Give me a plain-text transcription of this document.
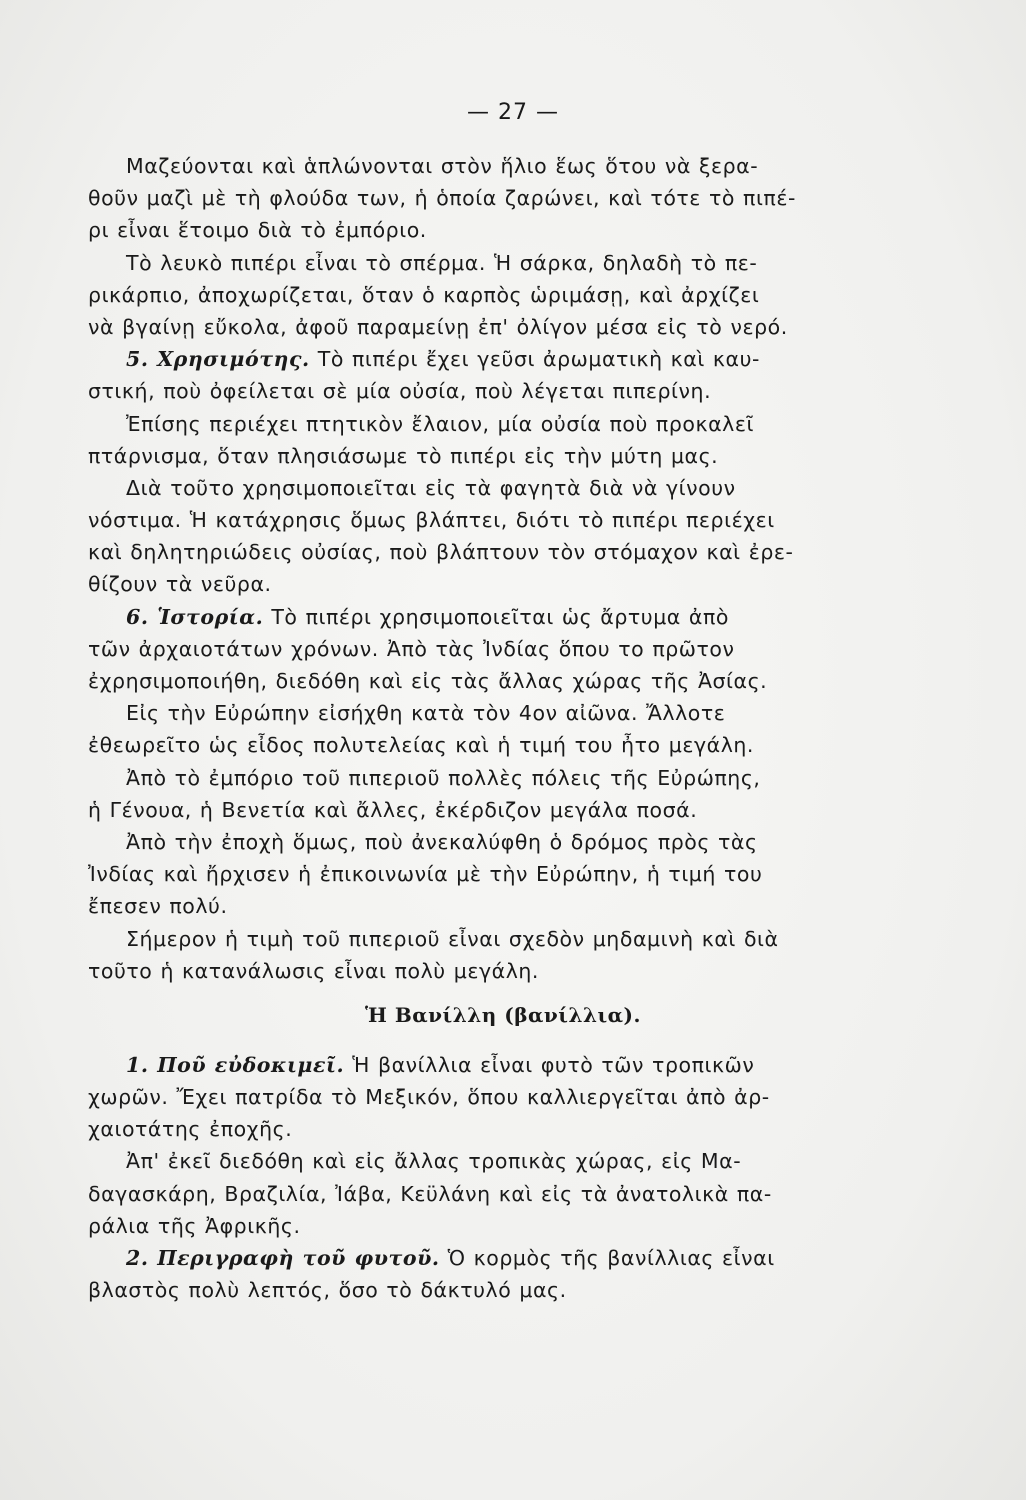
— 27 —
Μαζεύονται καὶ ἁπλώνονται στὸν ἥλιο ἕως ὅτου νὰ ξερα-
θοῦν μαζὶ μὲ τὴ φλούδα των, ἡ ὁποία ζαρώνει, καὶ τότε τὸ πιπέ-
ρι εἶναι ἕτοιμο διὰ τὸ ἐμπόριο.
Τὸ λευκὸ πιπέρι εἶναι τὸ σπέρμα. Ἡ σάρκα, δηλαδὴ τὸ πε-
ρικάρπιο, ἀποχωρίζεται, ὅταν ὁ καρπὸς ὡριμάσῃ, καὶ ἀρχίζει
νὰ βγαίνῃ εὔκολα, ἀφοῦ παραμείνῃ ἐπ' ὀλίγον μέσα εἰς τὸ νερό.
5. Χρησιμότης. Τὸ πιπέρι ἔχει γεῦσι ἀρωματικὴ καὶ καυ-
στική, ποὺ ὀφείλεται σὲ μία οὐσία, ποὺ λέγεται πιπερίνη.
Ἐπίσης περιέχει πτητικὸν ἔλαιον, μία οὐσία ποὺ προκαλεῖ
πτάρνισμα, ὅταν πλησιάσωμε τὸ πιπέρι εἰς τὴν μύτη μας.
Διὰ τοῦτο χρησιμοποιεῖται εἰς τὰ φαγητὰ διὰ νὰ γίνουν
νόστιμα. Ἡ κατάχρησις ὅμως βλάπτει, διότι τὸ πιπέρι περιέχει
καὶ δηλητηριώδεις οὐσίας, ποὺ βλάπτουν τὸν στόμαχον καὶ ἐρε-
θίζουν τὰ νεῦρα.
6. Ἱστορία. Τὸ πιπέρι χρησιμοποιεῖται ὡς ἄρτυμα ἀπὸ
τῶν ἀρχαιοτάτων χρόνων. Ἀπὸ τὰς Ἰνδίας ὅπου το πρῶτον
ἐχρησιμοποιήθη, διεδόθη καὶ εἰς τὰς ἄλλας χώρας τῆς Ἀσίας.
Εἰς τὴν Εὐρώπην εἰσήχθη κατὰ τὸν 4ον αἰῶνα. Ἄλλοτε
ἐθεωρεῖτο ὡς εἶδος πολυτελείας καὶ ἡ τιμή του ἦτο μεγάλη.
Ἀπὸ τὸ ἐμπόριο τοῦ πιπεριοῦ πολλὲς πόλεις τῆς Εὐρώπης,
ἡ Γένουα, ἡ Βενετία καὶ ἄλλες, ἐκέρδιζον μεγάλα ποσά.
Ἀπὸ τὴν ἐποχὴ ὅμως, ποὺ ἀνεκαλύφθη ὁ δρόμος πρὸς τὰς
Ἰνδίας καὶ ἤρχισεν ἡ ἐπικοινωνία μὲ τὴν Εὐρώπην, ἡ τιμή του
ἔπεσεν πολύ.
Σήμερον ἡ τιμὴ τοῦ πιπεριοῦ εἶναι σχεδὸν μηδαμινὴ καὶ διὰ
τοῦτο ἡ κατανάλωσις εἶναι πολὺ μεγάλη.
Ἡ Βανίλλη (βανίλλια).
1. Ποῦ εὐδοκιμεῖ. Ἡ βανίλλια εἶναι φυτὸ τῶν τροπικῶν
χωρῶν. Ἔχει πατρίδα τὸ Μεξικόν, ὅπου καλλιεργεῖται ἀπὸ ἀρ-
χαιοτάτης ἐποχῆς.
Ἀπ' ἐκεῖ διεδόθη καὶ εἰς ἄλλας τροπικὰς χώρας, εἰς Μα-
δαγασκάρη, Βραζιλία, Ἰάβα, Κεϋλάνη καὶ εἰς τὰ ἀνατολικὰ πα-
ράλια τῆς Ἀφρικῆς.
2. Περιγραφὴ τοῦ φυτοῦ. Ὁ κορμὸς τῆς βανίλλιας εἶναι
βλαστὸς πολὺ λεπτός, ὅσο τὸ δάκτυλό μας.
